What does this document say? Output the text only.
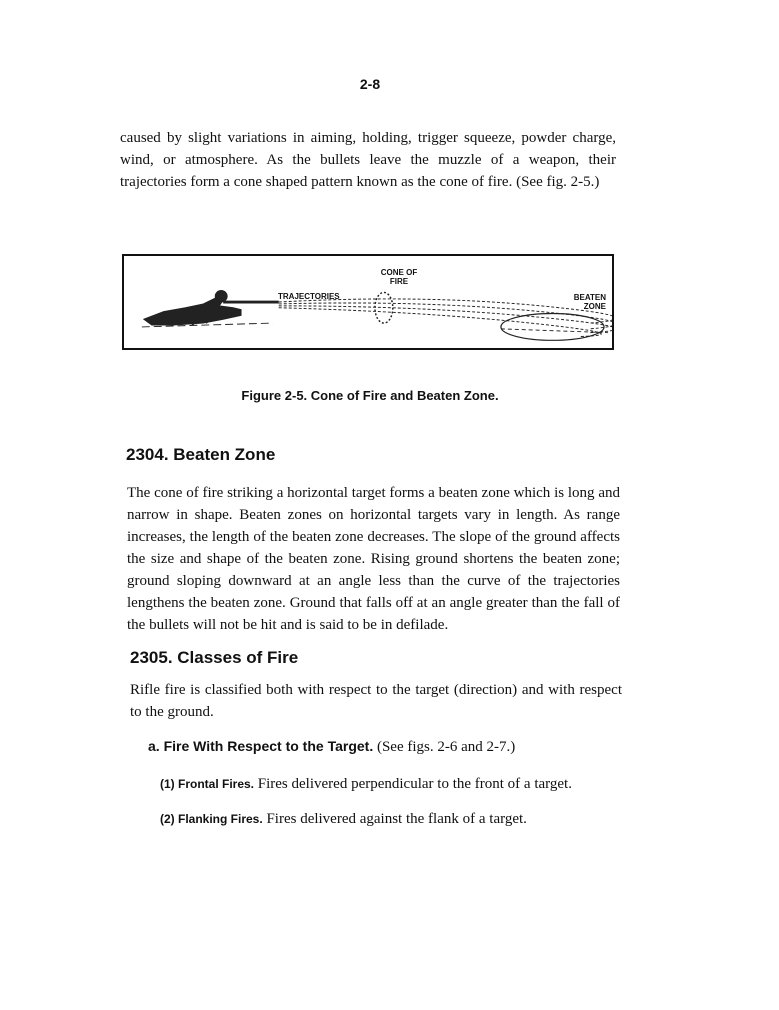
2-8
caused by slight variations in aiming, holding, trigger squeeze, powder charge, wind, or atmosphere. As the bullets leave the muzzle of a weapon, their trajectories form a cone shaped pattern known as the cone of fire. (See fig. 2-5.)
CONE OF
FIRE
TRAJECTORIES	BEATEN
ZONE
Figure 2-5. Cone of Fire and Beaten Zone.
2304. Beaten Zone
The cone of fire striking a horizontal target forms a beaten zone which is long and narrow in shape. Beaten zones on horizontal targets vary in length. As range increases, the length of the beaten zone decreases. The slope of the ground affects the size and shape of the beaten zone. Rising ground shortens the beaten zone; ground sloping downward at an angle less than the curve of the trajectories lengthens the beaten zone. Ground that falls off at an angle greater than the fall of the bullets will not be hit and is said to be in defilade.
2305. Classes of Fire
Rifle fire is classified both with respect to the target (direction) and with respect to the ground.
a. Fire With Respect to the Target. (See figs. 2-6 and 2-7.)
(1) Frontal Fires. Fires delivered perpendicular to the front of a target.
(2) Flanking Fires. Fires delivered against the flank of a target.
